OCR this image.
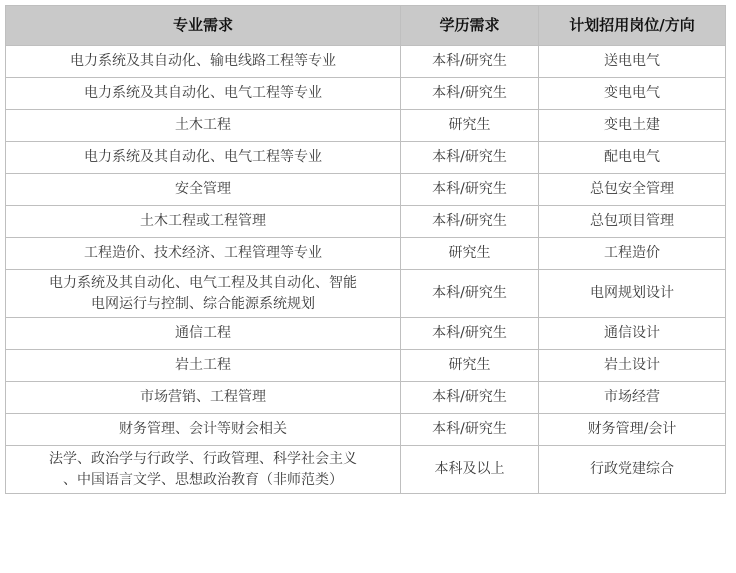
专业需求	学历需求	计划招用岗位/方向
电力系统及其自动化、输电线路工程等专业	本科/研究生	送电电气
电力系统及其自动化、电气工程等专业	本科/研究生	变电电气
土木工程	研究生	变电土建
电力系统及其自动化、电气工程等专业	本科/研究生	配电电气
安全管理	本科/研究生	总包安全管理
土木工程或工程管理	本科/研究生	总包项目管理
工程造价、技术经济、工程管理等专业	研究生	工程造价

电力系统及其自动化、电气工程及其自动化、智能
电网运行与控制、综合能源系统规划	本科/研究生	电网规划设计
通信工程	本科/研究生	通信设计
岩土工程	研究生	岩土设计
市场营销、工程管理	本科/研究生	市场经营
财务管理、会计等财会相关	本科/研究生	财务管理/会计

法学、政治学与行政学、行政管理、科学社会主义
、中国语言文学、思想政治教育（非师范类）	本科及以上	行政党建综合
